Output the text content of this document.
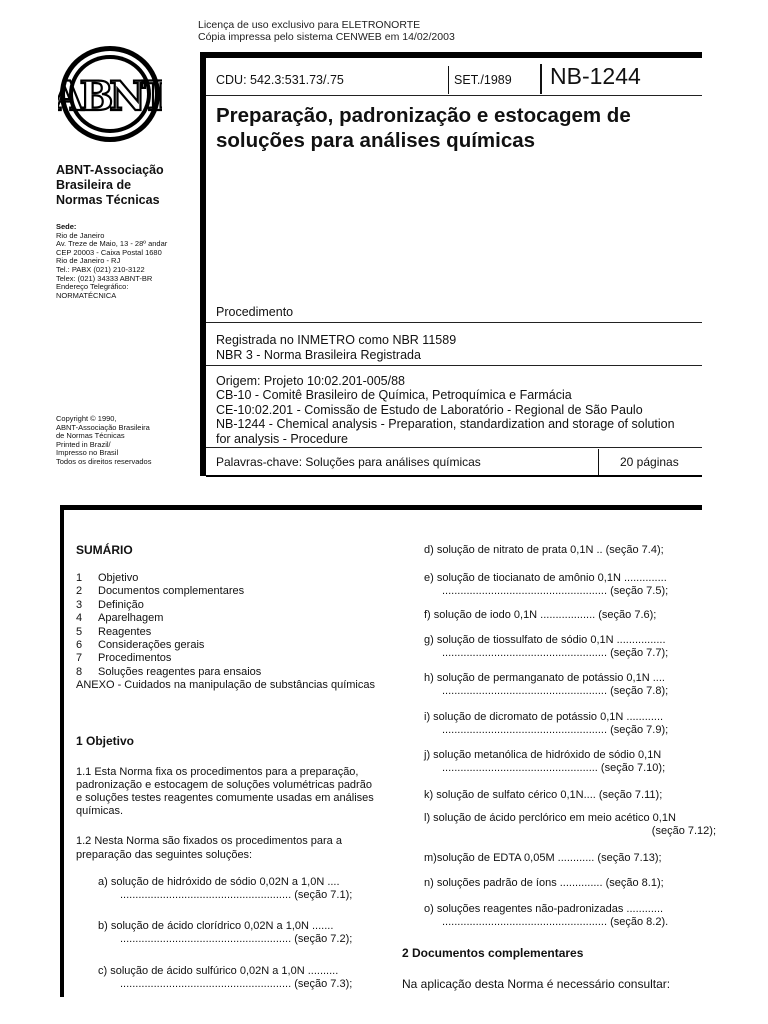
Licença de uso exclusivo para ELETRONORTE
Cópia impressa pelo sistema CENWEB em 14/02/2003
ABNT
ABNT-Associação
Brasileira de
Normas Técnicas
Sede:
Rio de Janeiro
Av. Treze de Maio, 13 - 28º andar
CEP 20003 - Caixa Postal 1680
Rio de Janeiro - RJ
Tel.: PABX (021) 210-3122
Telex: (021) 34333 ABNT-BR
Endereço Telegráfico:
NORMATÉCNICA
Copyright © 1990,
ABNT-Associação Brasileira
de Normas Técnicas
Printed in Brazil/
Impresso no Brasil
Todos os direitos reservados
CDU: 542.3:531.73/.75	SET./1989 NB-1244
Preparação, padronização e estocagem de soluções para análises químicas
Procedimento
Registrada no INMETRO como NBR 11589
NBR 3 - Norma Brasileira Registrada
Origem: Projeto 10:02.201-005/88
CB-10 - Comitê Brasileiro de Química, Petroquímica e Farmácia
CE-10:02.201 - Comissão de Estudo de Laboratório - Regional de São Paulo
NB-1244 - Chemical analysis - Preparation, standardization and storage of solution
for analysis - Procedure
Palavras-chave: Soluções para análises químicas	20 páginas
SUMÁRIO
1	Objetivo
2	Documentos complementares
3	Definição
4	Aparelhagem
5	Reagentes
6	Considerações gerais
7	Procedimentos
8	Soluções reagentes para ensaios
ANEXO - Cuidados na manipulação de substâncias químicas
1 Objetivo
1.1 Esta Norma fixa os procedimentos para a preparação, padronização e estocagem de soluções volumétricas padrão e soluções testes reagentes comumente usadas em análises químicas.
1.2 Nesta Norma são fixados os procedimentos para a preparação das seguintes soluções:
a) solução de hidróxido de sódio 0,02N a 1,0N ....
........................................................ (seção 7.1);
b) solução de ácido clorídrico 0,02N a 1,0N .......
........................................................ (seção 7.2);
c) solução de ácido sulfúrico 0,02N a 1,0N ..........
........................................................ (seção 7.3);
d) solução de nitrato de prata 0,1N .. (seção 7.4);
e) solução de tiocianato de amônio 0,1N ..............
...................................................... (seção 7.5);
f) solução de iodo 0,1N .................. (seção 7.6);
g) solução de tiossulfato de sódio 0,1N ................
...................................................... (seção 7.7);
h) solução de permanganato de potássio 0,1N ....
...................................................... (seção 7.8);
i) solução de dicromato de potássio 0,1N ............
...................................................... (seção 7.9);
j) solução metanólica de hidróxido de sódio 0,1N
................................................... (seção 7.10);
k) solução de sulfato cérico 0,1N.... (seção 7.11);
l) solução de ácido perclórico em meio acético 0,1N
(seção 7.12);
m)solução de EDTA 0,05M ............ (seção 7.13);
n) soluções padrão de íons .............. (seção 8.1);
o) soluções reagentes não-padronizadas ............
...................................................... (seção 8.2).
2 Documentos complementares
Na aplicação desta Norma é necessário consultar:
